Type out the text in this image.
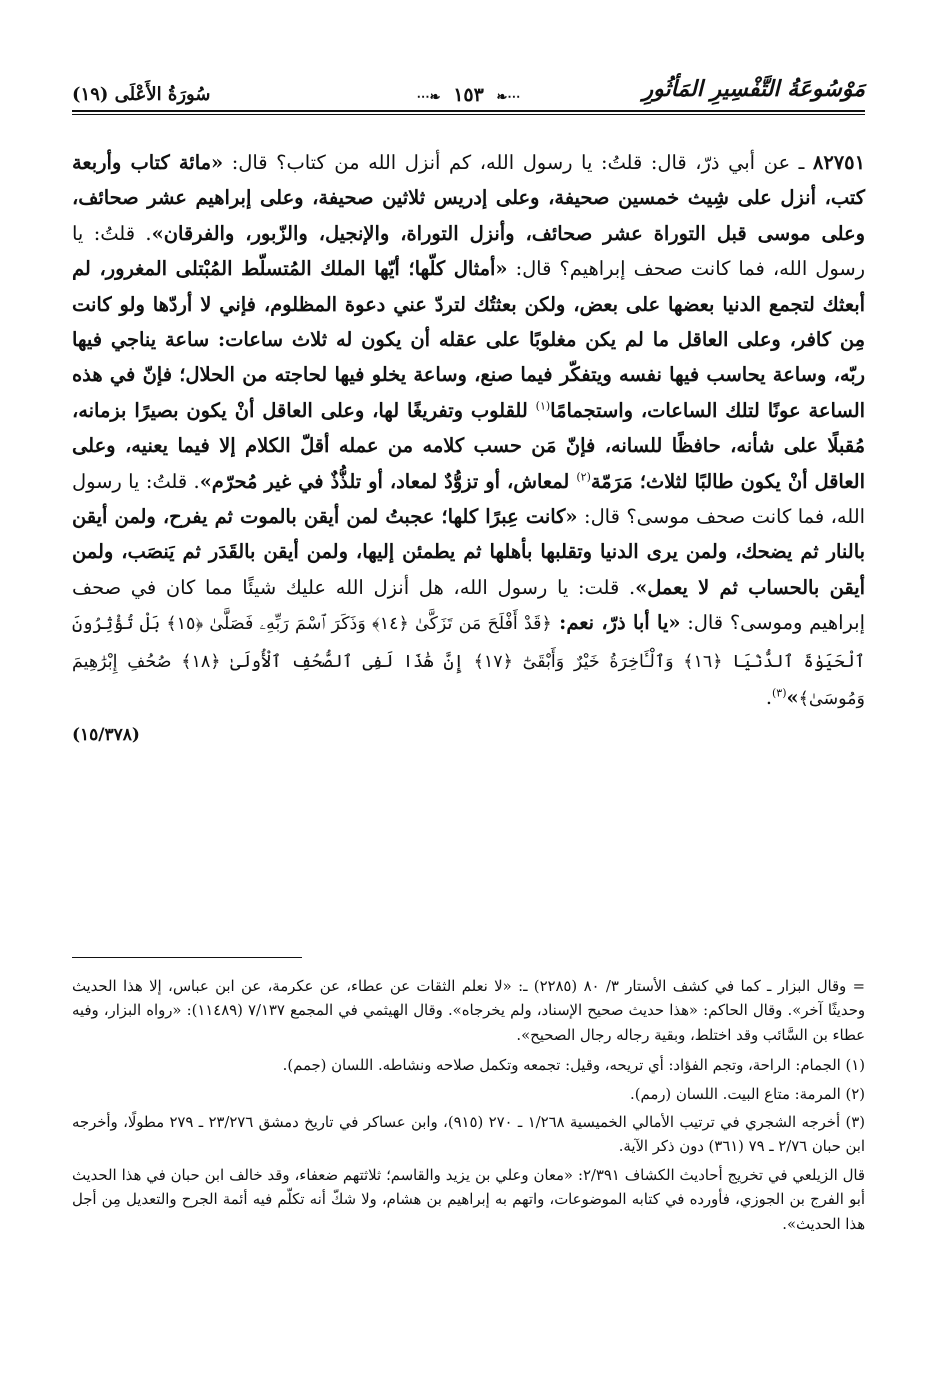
مَوْسُوعَةُ التَّفْسِيرِ المَأثُورِ
⋯❧ ١٥٣ ❧⋯
سُورَةُ الأَعْلَى (١٩)

٨٢٧٥١ ـ عن أبي ذرّ، قال: قلتُ: يا رسول الله، كم أنزل الله من كتاب؟ قال: «مائة كتاب وأربعة كتب، أنزل على شِيث خمسين صحيفة، وعلى إدريس ثلاثين صحيفة، وعلى إبراهيم عشر صحائف، وعلى موسى قبل التوراة عشر صحائف، وأنزل التوراة، والإنجيل، والزّبور، والفرقان». قلتُ: يا رسول الله، فما كانت صحف إبراهيم؟ قال: «أمثال كلّها؛ أيّها الملك المُتسلّط المُبْتلى المغرور، لم أبعثك لتجمع الدنيا بعضها على بعض، ولكن بعثتُك لتردّ عني دعوة المظلوم، فإني لا أردّها ولو كانت مِن كافر، وعلى العاقل ما لم يكن مغلوبًا على عقله أن يكون له ثلاث ساعات: ساعة يناجي فيها ربّه، وساعة يحاسب فيها نفسه ويتفكّر فيما صنع، وساعة يخلو فيها لحاجته من الحلال؛ فإنّ في هذه الساعة عونًا لتلك الساعات، واستجمامًا$^{(١)}$ للقلوب وتفريغًا لها، وعلى العاقل أنْ يكون بصيرًا بزمانه، مُقبلًا على شأنه، حافظًا للسانه، فإنّ مَن حسب كلامه من عمله أقلّ الكلام إلا فيما يعنيه، وعلى العاقل أنْ يكون طالبًا لثلاث؛ مَرَمّة$^{(٢)}$ لمعاش، أو تزوُّدٌ لمعاد، أو تلذُّذٌ في غير مُحرّم». قلتُ: يا رسول الله، فما كانت صحف موسى؟ قال: «كانت عِبرًا كلها؛ عجبتُ لمن أيقن بالموت ثم يفرح، ولمن أيقن بالنار ثم يضحك، ولمن يرى الدنيا وتقلبها بأهلها ثم يطمئن إليها، ولمن أيقن بالقَدَر ثم يَنصَب، ولمن أيقن بالحساب ثم لا يعمل». قلت: يا رسول الله، هل أنزل الله عليك شيئًا مما كان في صحف إبراهيم وموسى؟ قال: «يا أبا ذرّ، نعم: ﴿قَدْ أَفْلَحَ مَن تَزَكَّىٰ ﴿١٤﴾ وَذَكَرَ ٱسْمَ رَبِّهِۦ فَصَلَّىٰ ﴿١٥﴾ بَلْ تُؤْثِرُونَ ٱلْحَيَوٰةَ ٱلدُّنْيَا ﴿١٦﴾ وَٱلْـَٔاخِرَةُ خَيْرٌ وَأَبْقَىٰٓ ﴿١٧﴾ إِنَّ هَٰذَا لَفِى ٱلصُّحُفِ ٱلْأُولَىٰ ﴿١٨﴾ صُحُفِ إِبْرَٰهِيمَ وَمُوسَىٰ﴾»$^{(٣)}$.

(١٥/٣٧٨)

= وقال البزار ـ كما في كشف الأستار ٣/ ٨٠ (٢٢٨٥) ـ: «لا نعلم الثقات عن عطاء، عن عكرمة، عن ابن عباس، إلا هذا الحديث وحديثًا آخر». وقال الحاكم: «هذا حديث صحيح الإسناد، ولم يخرجاه». وقال الهيثمي في المجمع ٧/١٣٧ (١١٤٨٩): «رواه البزار، وفيه عطاء بن السَّائب وقد اختلط، وبقية رجاله رجال الصحيح».

(١) الجمام: الراحة، وتجم الفؤاد: أي تريحه، وقيل: تجمعه وتكمل صلاحه ونشاطه. اللسان (جمم).

(٢) المرمة: متاع البيت. اللسان (رمم).

(٣) أخرجه الشجري في ترتيب الأمالي الخميسية ١/٢٦٨ ـ ٢٧٠ (٩١٥)، وابن عساكر في تاريخ دمشق ٢٣/٢٧٦ ـ ٢٧٩ مطولًا، وأخرجه ابن حبان ٢/٧٦ ـ ٧٩ (٣٦١) دون ذكر الآية.

قال الزيلعي في تخريج أحاديث الكشاف ٢/٣٩١: «معان وعلي بن يزيد والقاسم؛ ثلاثتهم ضعفاء، وقد خالف ابن حبان في هذا الحديث أبو الفرج بن الجوزي، فأورده في كتابه الموضوعات، واتهم به إبراهيم بن هشام، ولا شكّ أنه تكلّم فيه أئمة الجرح والتعديل مِن أجل هذا الحديث».
